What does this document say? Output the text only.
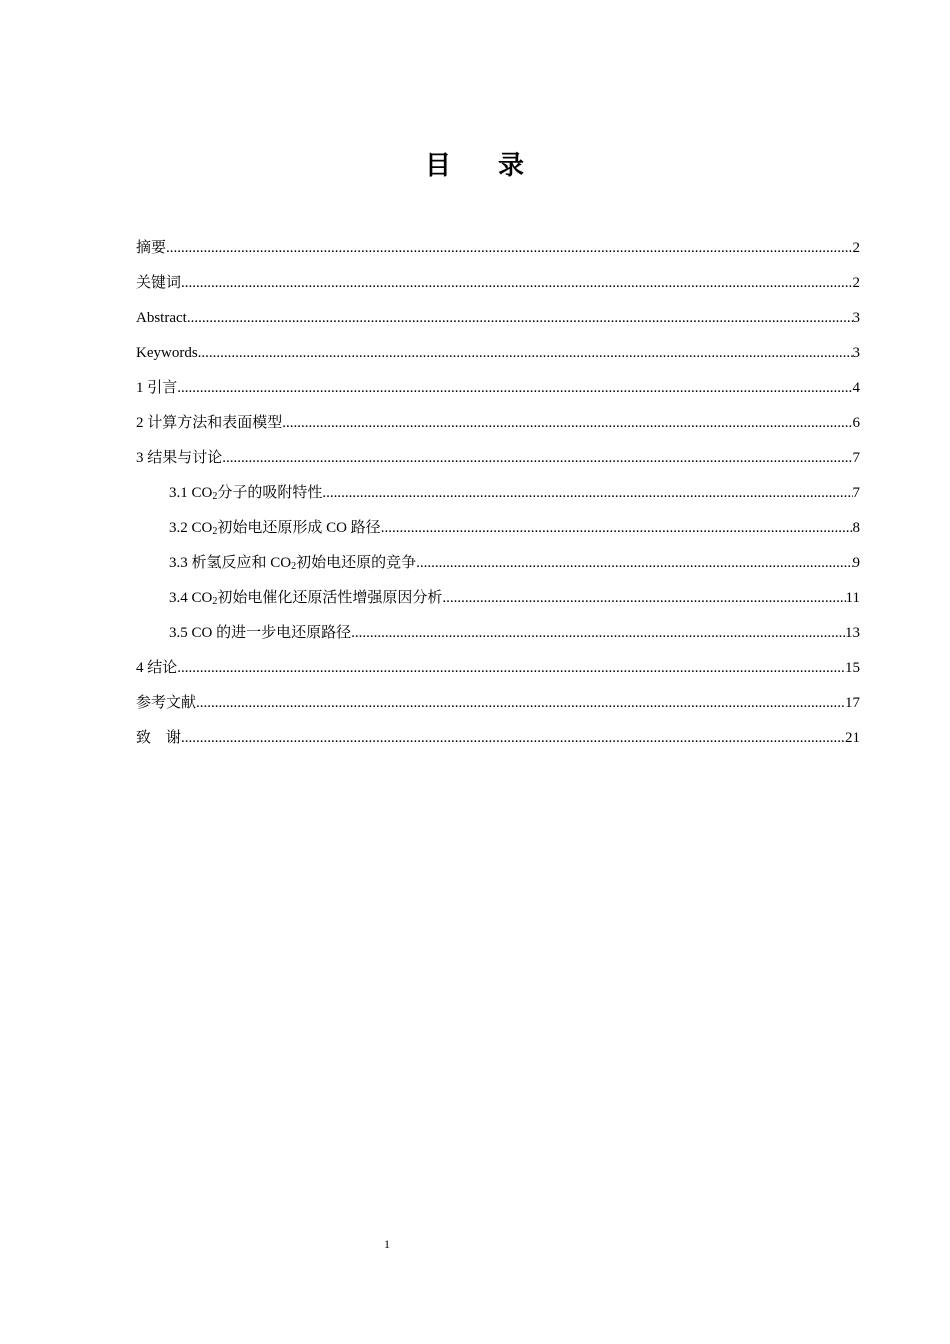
目 录
摘要 .....	2
关键词 .....	2
Abstract .....	3
Keywords .....	3
1 引言 .....	4
2 计算方法和表面模型 .....	6
3 结果与讨论 .....	7
3.1 $CO_2$分子的吸附特性 .....	7
3.2 $CO_2$初始电还原形成 CO 路径 .....	8
3.3 析氢反应和 $CO_2$初始电还原的竞争 .....	9
3.4 $CO_2$初始电催化还原活性增强原因分析 .....	11
3.5 CO 的进一步电还原路径 .....	13
4 结论 .....	15
参考文献 .....	17
致　谢 .....	21
1
